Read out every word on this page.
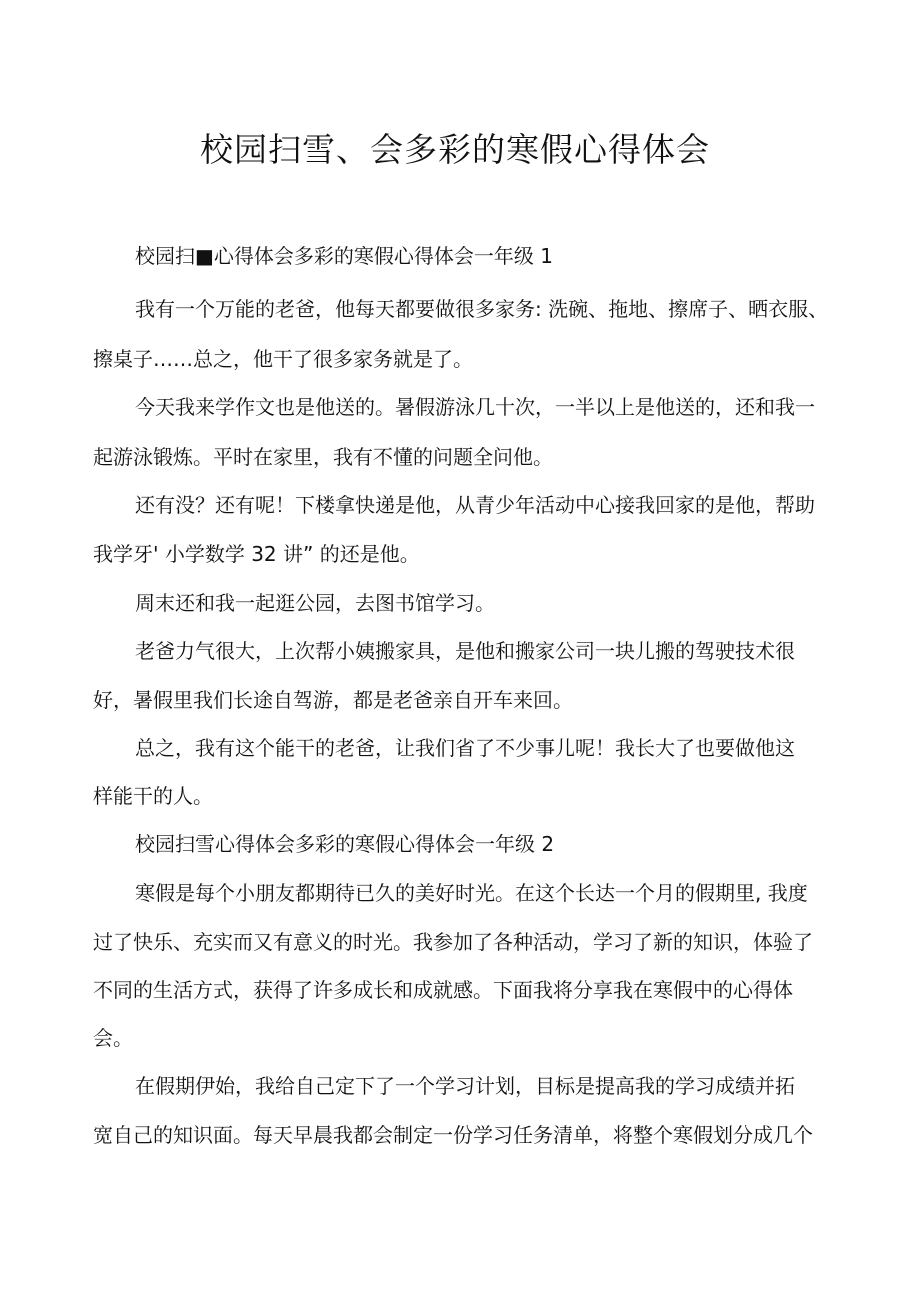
校园扫雪、会多彩的寒假心得体会

校园扫■心得体会多彩的寒假心得体会一年级 1

我有一个万能的老爸，他每天都要做很多家务: 洗碗、拖地、擦席子、晒衣服、

擦桌子……总之，他干了很多家务就是了。

今天我来学作文也是他送的。暑假游泳几十次，一半以上是他送的，还和我一

起游泳锻炼。平时在家里，我有不懂的问题全问他。

还有没？还有呢！下楼拿快递是他，从青少年活动中心接我回家的是他，帮助

我学牙' 小学数学 32 讲” 的还是他。

周末还和我一起逛公园，去图书馆学习。

老爸力气很大，上次帮小姨搬家具，是他和搬家公司一块儿搬的驾驶技术很

好，暑假里我们长途自驾游，都是老爸亲自开车来回。

总之，我有这个能干的老爸，让我们省了不少事儿呢！我长大了也要做他这

样能干的人。

校园扫雪心得体会多彩的寒假心得体会一年级 2

寒假是每个小朋友都期待已久的美好时光。在这个长达一个月的假期里, 我度

过了快乐、充实而又有意义的时光。我参加了各种活动，学习了新的知识，体验了

不同的生活方式，获得了许多成长和成就感。下面我将分享我在寒假中的心得体

会。

在假期伊始，我给自己定下了一个学习计划，目标是提高我的学习成绩并拓

宽自己的知识面。每天早晨我都会制定一份学习任务清单，将整个寒假划分成几个
